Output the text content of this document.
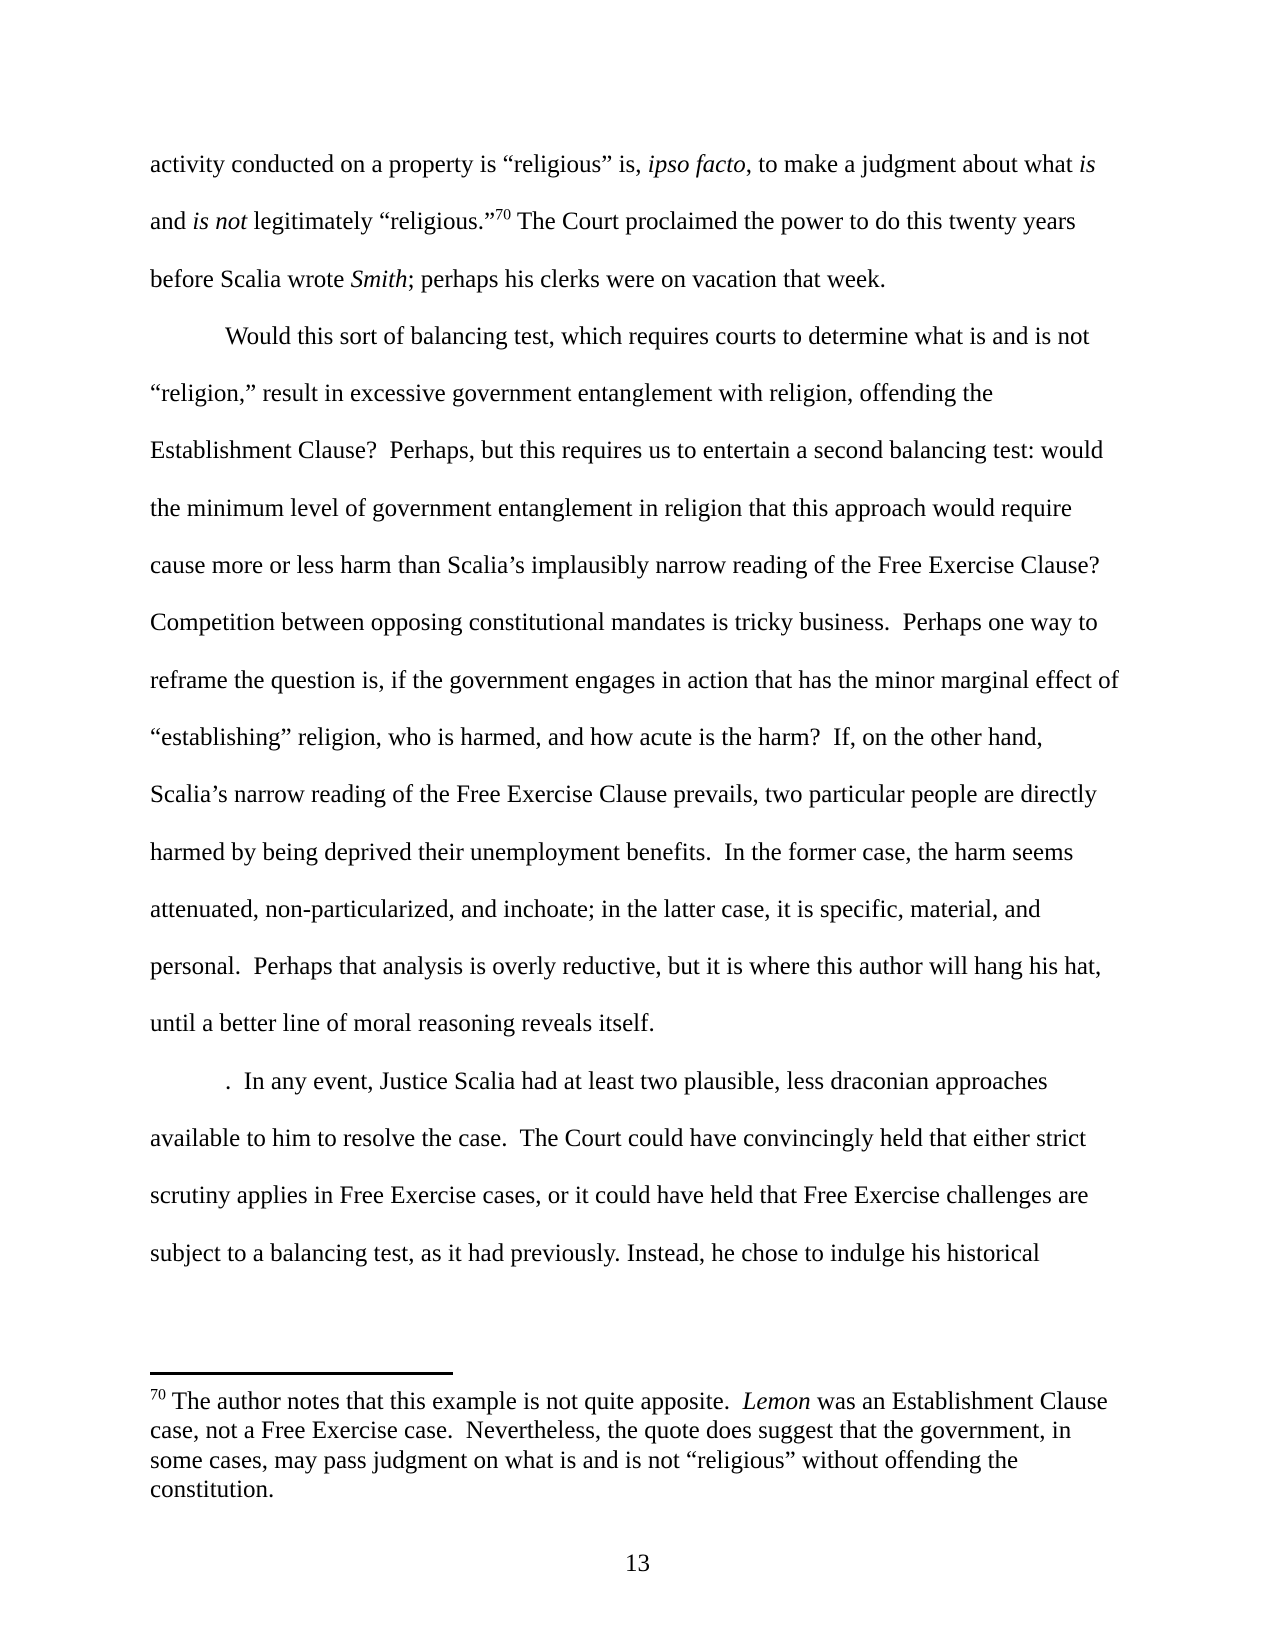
activity conducted on a property is “religious” is, ipso facto, to make a judgment about what is
and is not legitimately “religious.”$^{70}$ The Court proclaimed the power to do this twenty years
before Scalia wrote Smith; perhaps his clerks were on vacation that week.
Would this sort of balancing test, which requires courts to determine what is and is not
“religion,” result in excessive government entanglement with religion, offending the
Establishment Clause?  Perhaps, but this requires us to entertain a second balancing test: would
the minimum level of government entanglement in religion that this approach would require
cause more or less harm than Scalia’s implausibly narrow reading of the Free Exercise Clause?
Competition between opposing constitutional mandates is tricky business.  Perhaps one way to
reframe the question is, if the government engages in action that has the minor marginal effect of
“establishing” religion, who is harmed, and how acute is the harm?  If, on the other hand,
Scalia’s narrow reading of the Free Exercise Clause prevails, two particular people are directly
harmed by being deprived their unemployment benefits.  In the former case, the harm seems
attenuated, non-particularized, and inchoate; in the latter case, it is specific, material, and
personal.  Perhaps that analysis is overly reductive, but it is where this author will hang his hat,
until a better line of moral reasoning reveals itself.
.  In any event, Justice Scalia had at least two plausible, less draconian approaches
available to him to resolve the case.  The Court could have convincingly held that either strict
scrutiny applies in Free Exercise cases, or it could have held that Free Exercise challenges are
subject to a balancing test, as it had previously. Instead, he chose to indulge his historical
$^{70}$ The author notes that this example is not quite apposite.  Lemon was an Establishment Clause
case, not a Free Exercise case.  Nevertheless, the quote does suggest that the government, in
some cases, may pass judgment on what is and is not “religious” without offending the
constitution.
13
